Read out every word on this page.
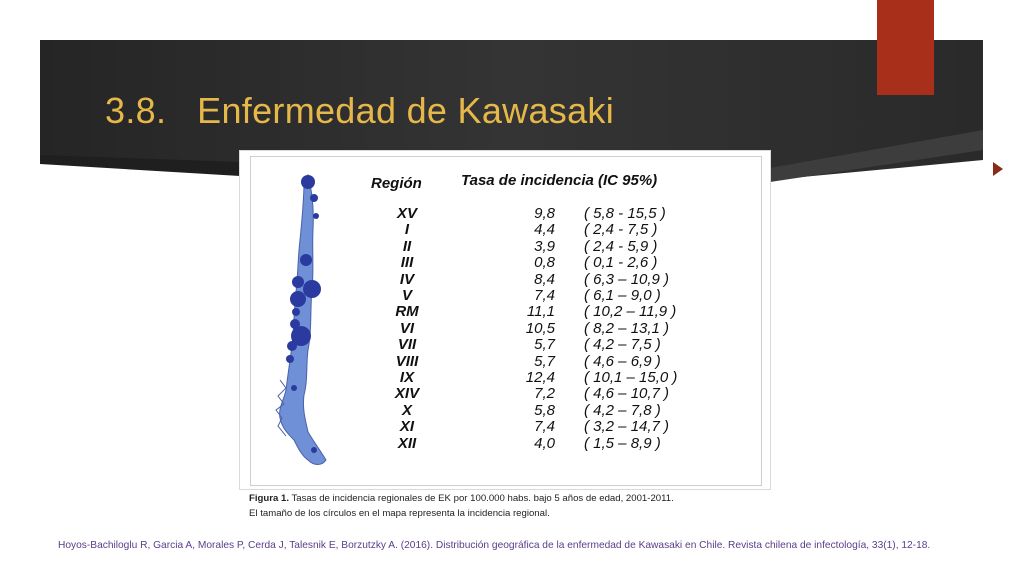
3.8.   Enfermedad de Kawasaki
Región	Tasa de incidencia (IC 95%)
XV	9,8 ( 5,8 - 15,5 )
I	4,4 ( 2,4 - 7,5 )
II	3,9 ( 2,4 - 5,9 )
III	0,8 ( 0,1 - 2,6 )
IV	8,4 ( 6,3 – 10,9 )
V	7,4 ( 6,1 – 9,0 )
RM	11,1 ( 10,2 – 11,9 )
VI	10,5 ( 8,2 – 13,1 )
VII	5,7 ( 4,2 – 7,5 )
VIII	5,7 ( 4,6 – 6,9 )
IX	12,4 ( 10,1 – 15,0 )
XIV	7,2 ( 4,6 – 10,7 )
X	5,8 ( 4,2 – 7,8 )
XI	7,4 ( 3,2 – 14,7 )
XII	4,0 ( 1,5 – 8,9 )
Figura 1. Tasas de incidencia regionales de EK por 100.000 habs. bajo 5 años de edad, 2001-2011.
El tamaño de los círculos en el mapa representa la incidencia regional.
Hoyos-Bachiloglu R, Garcia A, Morales P, Cerda J, Talesnik E, Borzutzky A. (2016). Distribución geográfica de la enfermedad de Kawasaki en Chile. Revista chilena de infectología, 33(1), 12-18.
